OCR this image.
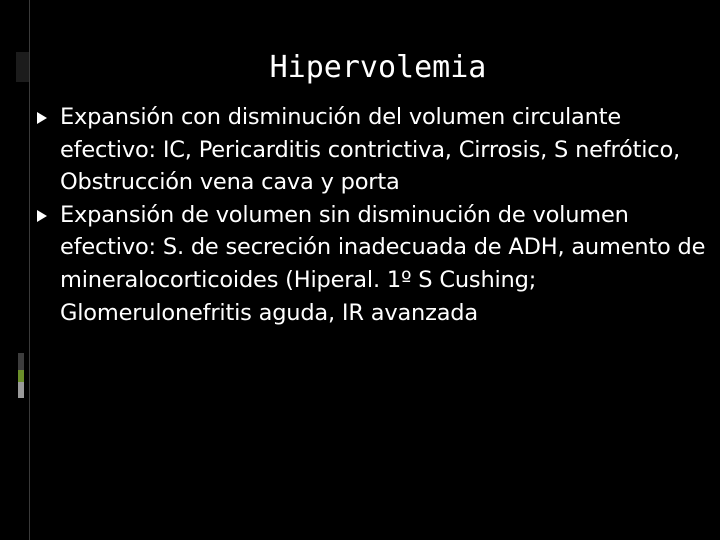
Hipervolemia
Expansión con disminución del volumen circulante efectivo: IC, Pericarditis contrictiva, Cirrosis, S nefrótico, Obstrucción vena cava y porta
Expansión de volumen sin disminución de volumen efectivo: S. de secreción inadecuada de ADH, aumento de mineralocorticoides (Hiperal. 1º S Cushing; Glomerulonefritis aguda, IR avanzada
